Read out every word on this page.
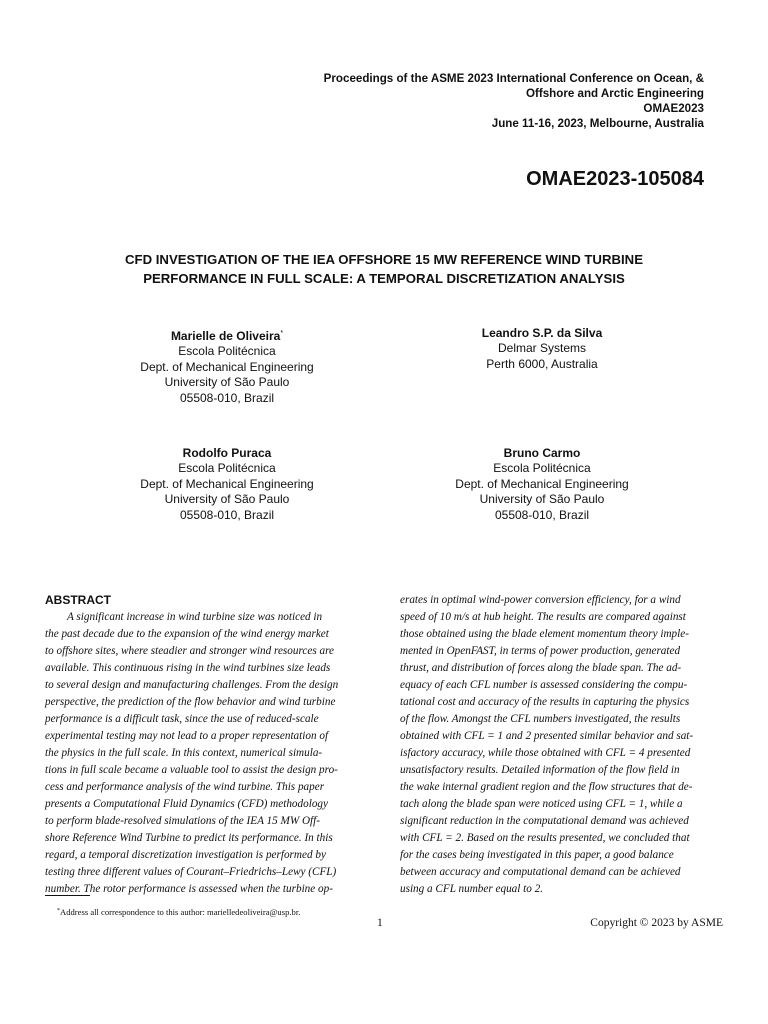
Proceedings of the ASME 2023 International Conference on Ocean, &
Offshore and Arctic Engineering
OMAE2023
June 11-16, 2023, Melbourne, Australia
OMAE2023-105084
CFD INVESTIGATION OF THE IEA OFFSHORE 15 MW REFERENCE WIND TURBINE
PERFORMANCE IN FULL SCALE: A TEMPORAL DISCRETIZATION ANALYSIS
Marielle de Oliveira*
Escola Politécnica
Dept. of Mechanical Engineering
University of São Paulo
05508-010, Brazil
Leandro S.P. da Silva
Delmar Systems
Perth 6000, Australia
Rodolfo Puraca
Escola Politécnica
Dept. of Mechanical Engineering
University of São Paulo
05508-010, Brazil
Bruno Carmo
Escola Politécnica
Dept. of Mechanical Engineering
University of São Paulo
05508-010, Brazil
ABSTRACT
A significant increase in wind turbine size was noticed in
the past decade due to the expansion of the wind energy market
to offshore sites, where steadier and stronger wind resources are
available. This continuous rising in the wind turbines size leads
to several design and manufacturing challenges. From the design
perspective, the prediction of the flow behavior and wind turbine
performance is a difficult task, since the use of reduced-scale
experimental testing may not lead to a proper representation of
the physics in the full scale. In this context, numerical simula-
tions in full scale became a valuable tool to assist the design pro-
cess and performance analysis of the wind turbine. This paper
presents a Computational Fluid Dynamics (CFD) methodology
to perform blade-resolved simulations of the IEA 15 MW Off-
shore Reference Wind Turbine to predict its performance. In this
regard, a temporal discretization investigation is performed by
testing three different values of Courant–Friedrichs–Lewy (CFL)
number. The rotor performance is assessed when the turbine op-
erates in optimal wind-power conversion efficiency, for a wind
speed of 10 m/s at hub height. The results are compared against
those obtained using the blade element momentum theory imple-
mented in OpenFAST, in terms of power production, generated
thrust, and distribution of forces along the blade span. The ad-
equacy of each CFL number is assessed considering the compu-
tational cost and accuracy of the results in capturing the physics
of the flow. Amongst the CFL numbers investigated, the results
obtained with CFL = 1 and 2 presented similar behavior and sat-
isfactory accuracy, while those obtained with CFL = 4 presented
unsatisfactory results. Detailed information of the flow field in
the wake internal gradient region and the flow structures that de-
tach along the blade span were noticed using CFL = 1, while a
significant reduction in the computational demand was achieved
with CFL = 2. Based on the results presented, we concluded that
for the cases being investigated in this paper, a good balance
between accuracy and computational demand can be achieved
using a CFL number equal to 2.
*Address all correspondence to this author: marielledeoliveira@usp.br.
1	Copyright © 2023 by ASME
